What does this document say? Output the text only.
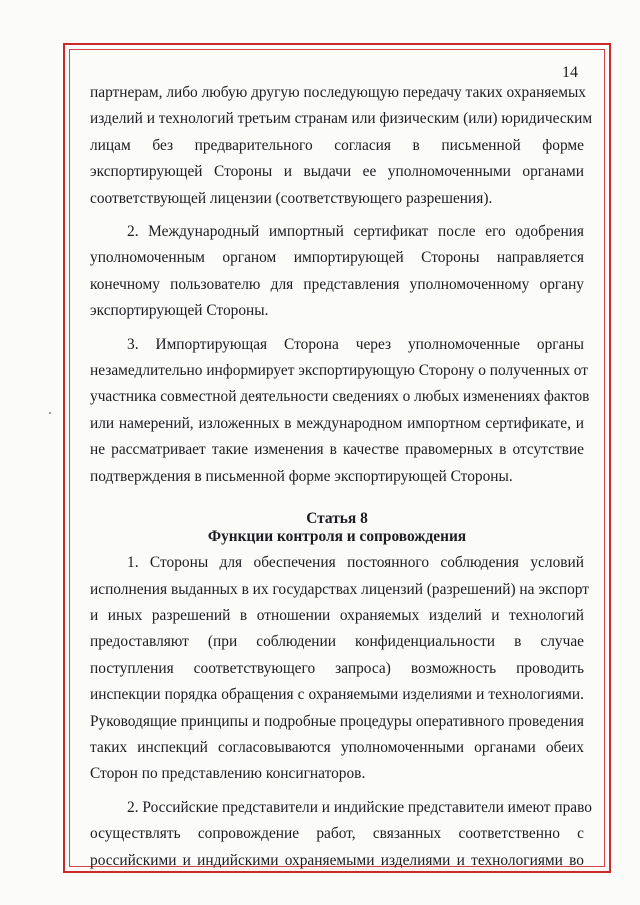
14
партнерам, либо любую другую последующую передачу таких охраняемых
изделий и технологий третьим странам или физическим (или) юридическим
лицам без предварительного согласия в письменной форме
экспортирующей Стороны и выдачи ее уполномоченными органами
соответствующей лицензии (соответствующего разрешения).
2. Международный импортный сертификат после его одобрения
уполномоченным органом импортирующей Стороны направляется
конечному пользователю для представления уполномоченному органу
экспортирующей Стороны.
3. Импортирующая Сторона через уполномоченные органы
незамедлительно информирует экспортирующую Сторону о полученных от
участника совместной деятельности сведениях о любых изменениях фактов
или намерений, изложенных в международном импортном сертификате, и
не рассматривает такие изменения в качестве правомерных в отсутствие
подтверждения в письменной форме экспортирующей Стороны.
Статья 8
Функции контроля и сопровождения
1. Стороны для обеспечения постоянного соблюдения условий
исполнения выданных в их государствах лицензий (разрешений) на экспорт
и иных разрешений в отношении охраняемых изделий и технологий
предоставляют (при соблюдении конфиденциальности в случае
поступления соответствующего запроса) возможность проводить
инспекции порядка обращения с охраняемыми изделиями и технологиями.
Руководящие принципы и подробные процедуры оперативного проведения
таких инспекций согласовываются уполномоченными органами обеих
Сторон по представлению консигнаторов.
2. Российские представители и индийские представители имеют право
осуществлять сопровождение работ, связанных соответственно с
российскими и индийскими охраняемыми изделиями и технологиями во
